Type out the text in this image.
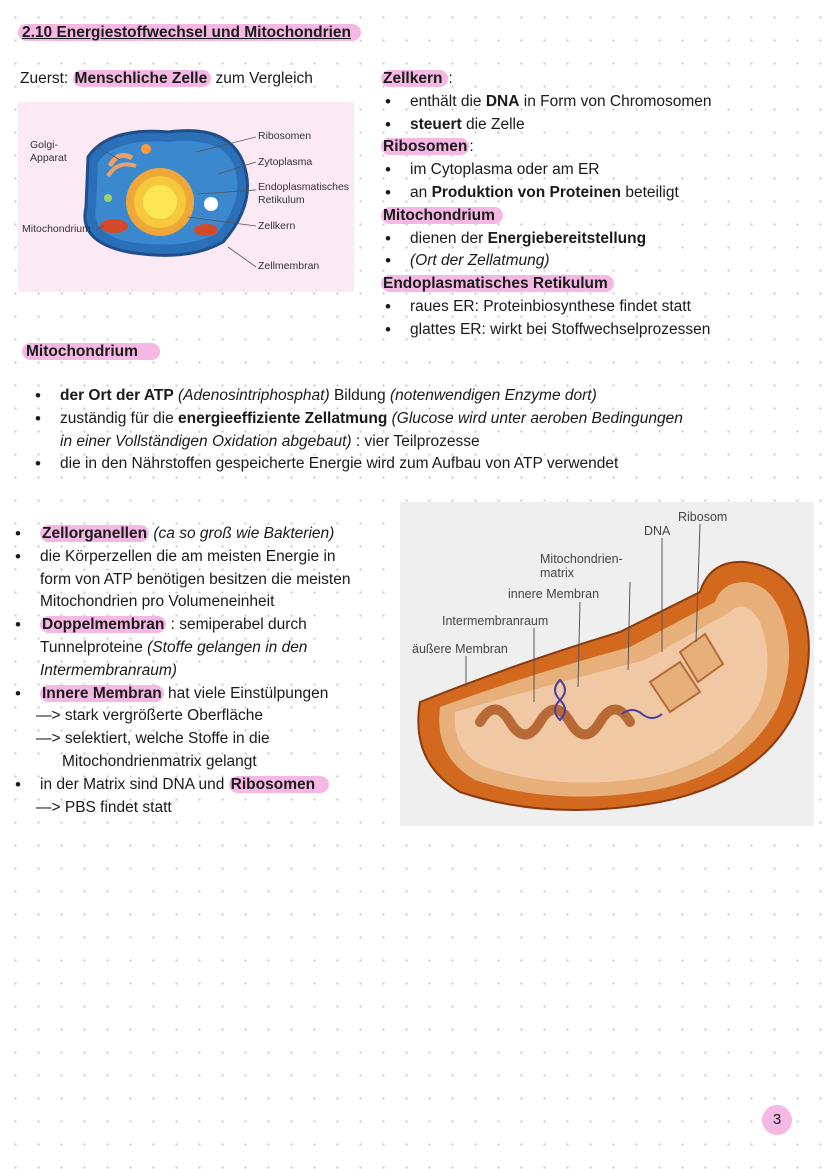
2.10 Energiestoffwechsel und Mitochondrien
Zuerst: Menschliche Zelle zum Vergleich
Golgi-
Apparat
Mitochondrium
Ribosomen
Zytoplasma
Endoplasmatisches
Retikulum
Zellkern
Zellmembran
Zellkern :
• enthält die DNA in Form von Chromosomen
• steuert die Zelle
Ribosomen :
• im Cytoplasma oder am ER
• an Produktion von Proteinen beteiligt
Mitochondrium
• dienen der Energiebereitstellung
• (Ort der Zellatmung)
Endoplasmatisches Retikulum
• raues ER: Proteinbiosynthese findet statt
• glattes ER: wirkt bei Stoffwechselprozessen
Mitochondrium
• der Ort der ATP (Adenosintriphosphat) Bildung (notenwendigen Enzyme dort)
• zuständig für die energieeffiziente Zellatmung (Glucose wird unter aeroben Bedingungen
in einer Vollständigen Oxidation abgebaut) : vier Teilprozesse
• die in den Nährstoffen gespeicherte Energie wird zum Aufbau von ATP verwendet
• Zellorganellen (ca so groß wie Bakterien)
• die Körperzellen die am meisten Energie in
form von ATP benötigen besitzen die meisten
Mitochondrien pro Volumeneinheit
• Doppelmembran : semiperabel durch
Tunnelproteine (Stoffe gelangen in den
Intermembranraum)
• Innere Membran hat viele Einstülpungen
—> stark vergrößerte Oberfläche
—> selektiert, welche Stoffe in die
Mitochondrienmatrix gelangt
• in der Matrix sind DNA und Ribosomen
—> PBS findet statt
Ribosom
DNA
Mitochondrien-
matrix
innere Membran
Intermembranraum
äußere Membran
3
